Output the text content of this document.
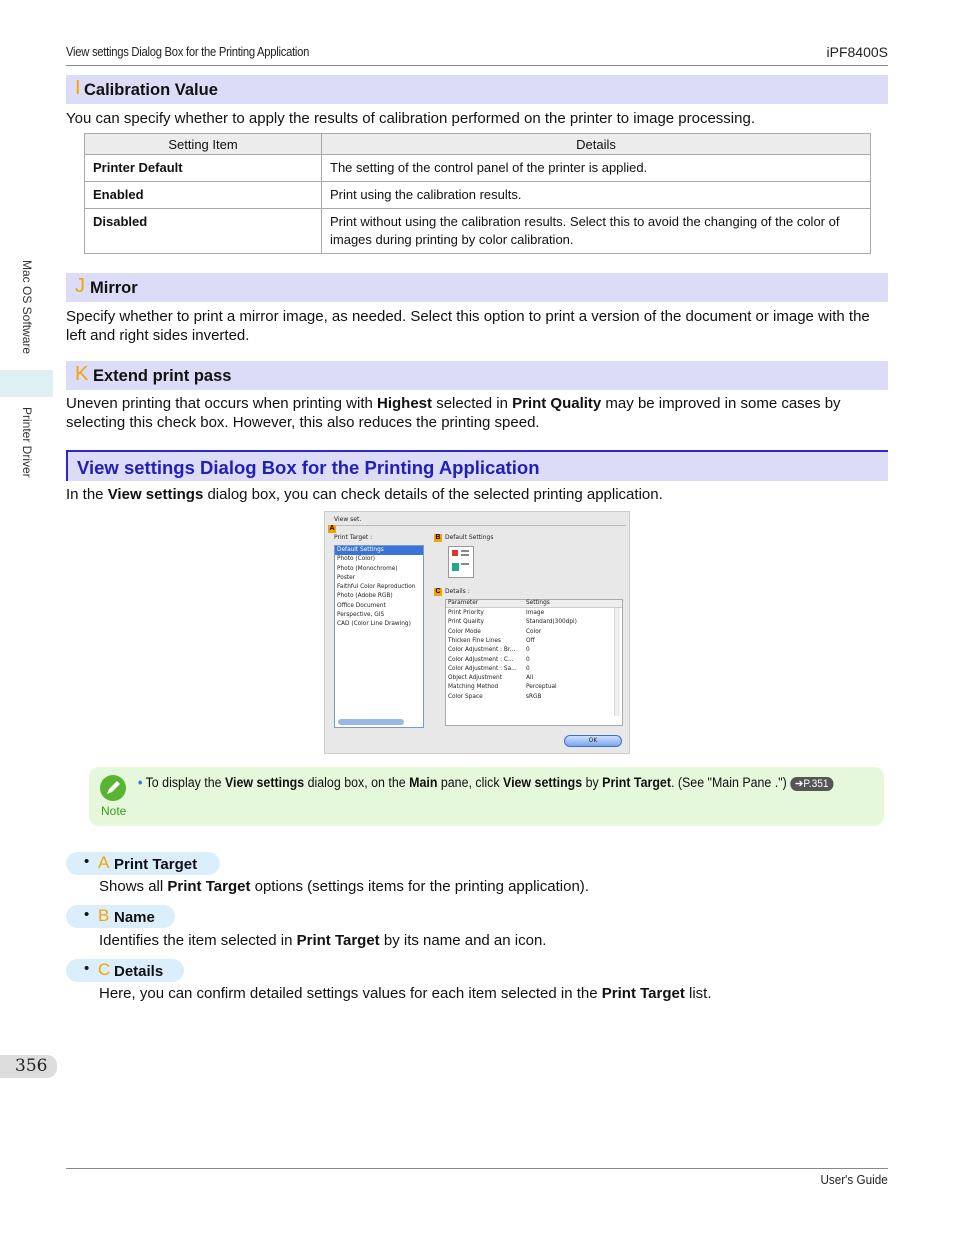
View settings Dialog Box for the Printing Application	iPF8400S
Mac OS Software
Printer Driver
I Calibration Value
You can specify whether to apply the results of calibration performed on the printer to image processing.
Setting Item	Details
Printer Default	The setting of the control panel of the printer is applied.
Enabled	Print using the calibration results.
Disabled	Print without using the calibration results. Select this to avoid the changing of the color of images during printing by color calibration.
J Mirror
Specify whether to print a mirror image, as needed. Select this option to print a version of the document or image with the left and right sides inverted.
K Extend print pass
Uneven printing that occurs when printing with Highest selected in Print Quality may be improved in some cases by selecting this check box. However, this also reduces the printing speed.
View settings Dialog Box for the Printing Application
In the View settings dialog box, you can check details of the selected printing application.
View set.
A
Print Target :
Default Settings
Photo (Color)
Photo (Monochrome)
Poster
Faithful Color Reproduction
Photo (Adobe RGB)
Office Document
Perspective, GIS
CAD (Color Line Drawing)
B Default Settings
C Details :
Parameter	Settings
Print Priority	Image
Print Quality	Standard(300dpi)
Color Mode	Color
Thicken Fine Lines	Off
Color Adjustment : Br... 0
Color Adjustment : C... 0
Color Adjustment : Sa... 0
Object Adjustment	All
Matching Method	Perceptual
Color Space	sRGB
OK
Note
• To display the View settings dialog box, on the Main pane, click View settings by Print Target. (See "Main Pane .") ➔P.351
• A Print Target
Shows all Print Target options (settings items for the printing application).
• B Name
Identifies the item selected in Print Target by its name and an icon.
• C Details
Here, you can confirm detailed settings values for each item selected in the Print Target list.
356
User's Guide
